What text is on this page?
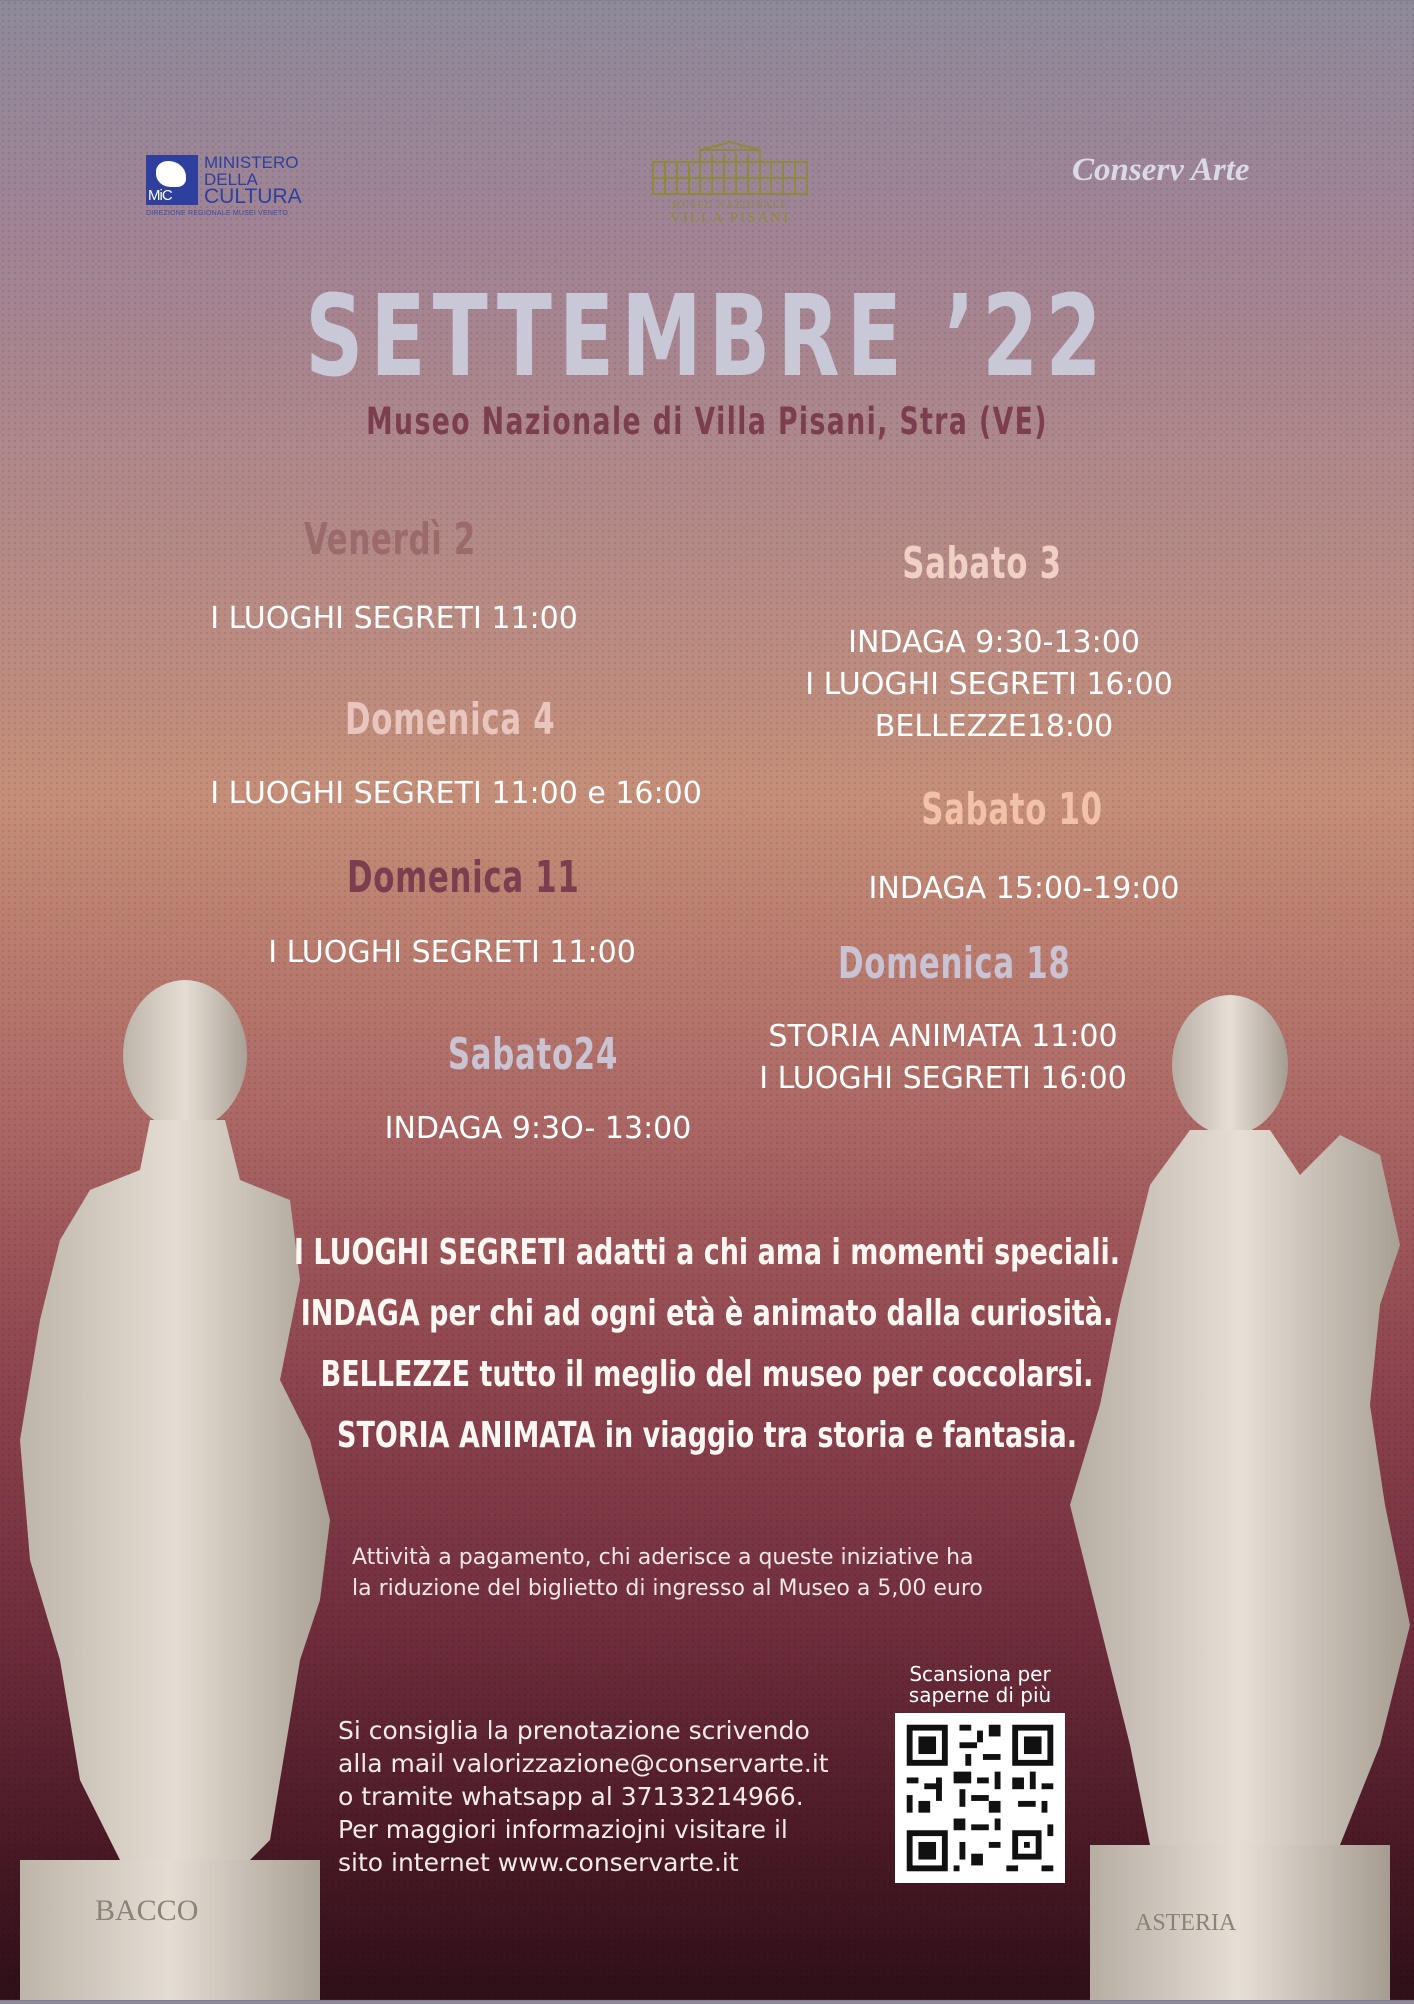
MiC
MINISTERO
DELLA
CULTURA
DIREZIONE REGIONALE MUSEI VENETO
MUSEO NAZIONALE
VILLA PISANI
Conserv Arte
SETTEMBRE ’22
Museo Nazionale di Villa Pisani, Stra (VE)
Venerdì 2
I LUOGHI SEGRETI 11:00
Domenica 4
I LUOGHI SEGRETI 11:00 e 16:00
Domenica 11
I LUOGHI SEGRETI 11:00
Sabato24
INDAGA 9:3O- 13:00
Sabato 3
INDAGA 9:30-13:00
I LUOGHI SEGRETI 16:00
BELLEZZE18:00
Sabato 10
INDAGA 15:00-19:00
Domenica 18
STORIA ANIMATA 11:00
I LUOGHI SEGRETI 16:00
BACCO	ASTERIA
I LUOGHI SEGRETI adatti a chi ama i momenti speciali.
INDAGA per chi ad ogni età è animato dalla curiosità.
BELLEZZE tutto il meglio del museo per coccolarsi.
STORIA ANIMATA in viaggio tra storia e fantasia.
Attività a pagamento, chi aderisce a queste iniziative ha
la riduzione del biglietto di ingresso al Museo a 5,00 euro
Si consiglia la prenotazione scrivendo
alla mail valorizzazione@conservarte.it
o tramite whatsapp al 37133214966.
Per maggiori informaziojni visitare il
sito internet www.conservarte.it
Scansiona per
saperne di più
